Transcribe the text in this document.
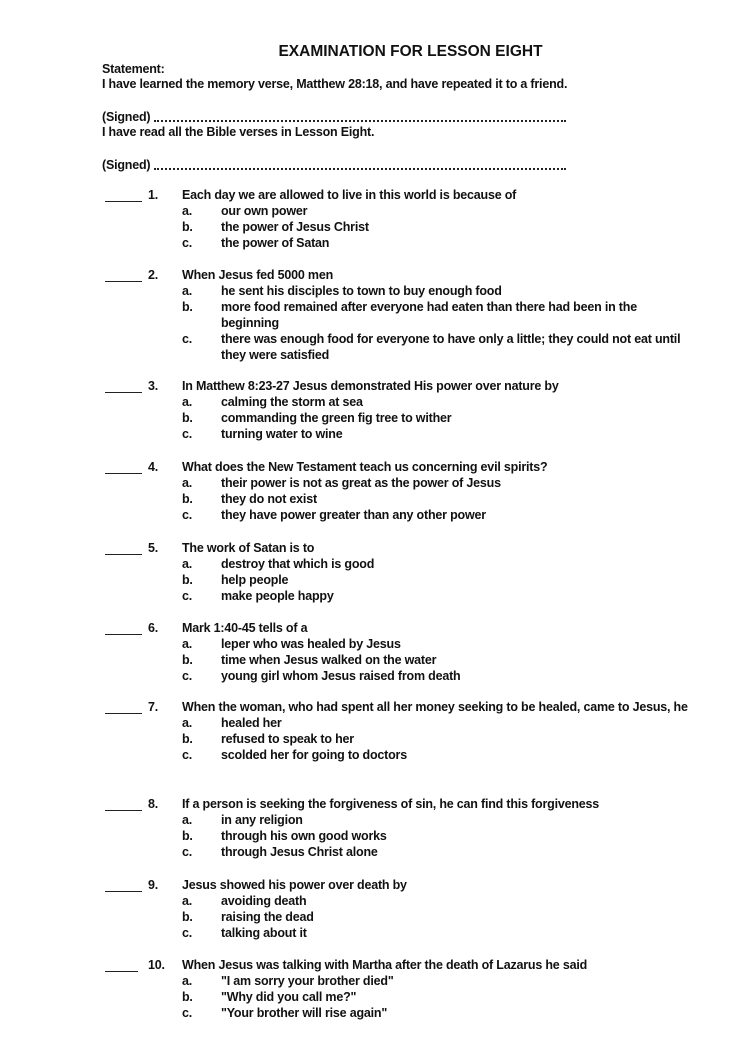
EXAMINATION FOR LESSON EIGHT
Statement:
I have learned the memory verse, Matthew 28:18, and have repeated it to a friend.
(Signed)
I have read all the Bible verses in Lesson Eight.
(Signed)
1.	Each day we are allowed to live in this world is because of
a.	our own power
b.	the power of Jesus Christ
c.	the power of Satan
2.	When Jesus fed 5000 men
a.	he sent his disciples to town to buy enough food
b.	more food remained after everyone had eaten than there had been in the beginning
c.	there was enough food for everyone to have only a little; they could not eat until they were satisfied
3.	In Matthew 8:23-27 Jesus demonstrated His power over nature by
a.	calming the storm at sea
b.	commanding the green fig tree to wither
c.	turning water to wine
4.	What does the New Testament teach us concerning evil spirits?
a.	their power is not as great as the power of Jesus
b.	they do not exist
c.	they have power greater than any other power
5.	The work of Satan is to
a.	destroy that which is good
b.	help people
c.	make people happy
6.	Mark 1:40-45 tells of a
a.	leper who was healed by Jesus
b.	time when Jesus walked on the water
c.	young girl whom Jesus raised from death
7.	When the woman, who had spent all her money seeking to be healed, came to Jesus, he
a.	healed her
b.	refused to speak to her
c.	scolded her for going to doctors
8.	If a person is seeking the forgiveness of sin, he can find this forgiveness
a.	in any religion
b.	through his own good works
c.	through Jesus Christ alone
9.	Jesus showed his power over death by
a.	avoiding death
b.	raising the dead
c.	talking about it
10.	When Jesus was talking with Martha after the death of Lazarus he said
a.	"I am sorry your brother died"
b.	"Why did you call me?"
c.	"Your brother will rise again"
